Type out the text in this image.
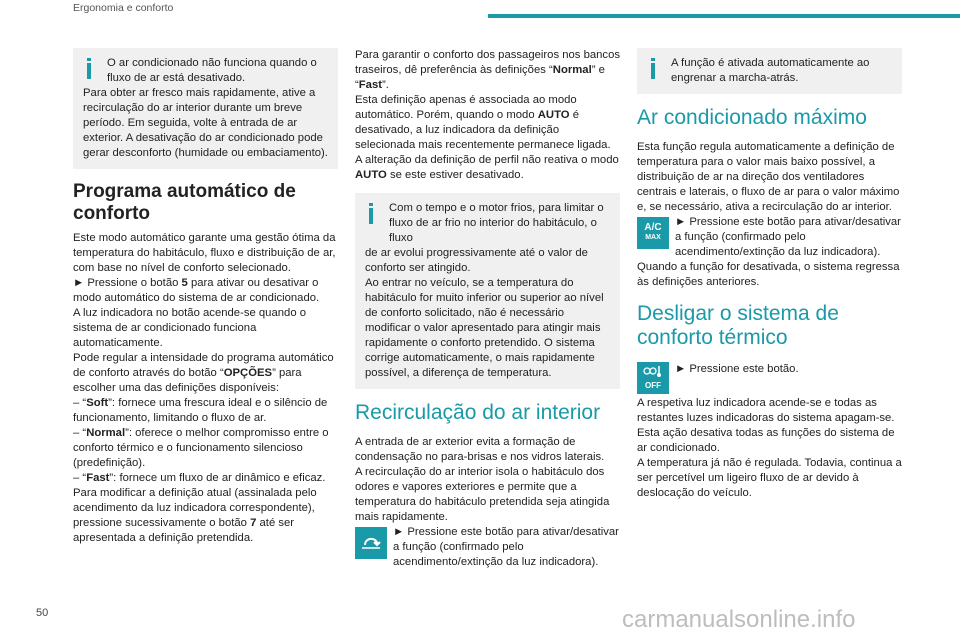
Ergonomia e conforto

O ar condicionado não funciona quando o

fluxo de ar está desativado.

Para obter ar fresco mais rapidamente, ative a recirculação do ar interior durante um breve período. Em seguida, volte à entrada de ar exterior. A desativação do ar condicionado pode gerar desconforto (humidade ou embaciamento).

Programa automático de conforto

Este modo automático garante uma gestão ótima da temperatura do habitáculo, fluxo e distribuição de ar, com base no nível de conforto selecionado.

► Pressione o botão 5 para ativar ou desativar o modo automático do sistema de ar condicionado.

A luz indicadora no botão acende-se quando o sistema de ar condicionado funciona automaticamente.

Pode regular a intensidade do programa automático de conforto através do botão “OPÇÕES” para escolher uma das definições disponíveis:

– “Soft”: fornece uma frescura ideal e o silêncio de funcionamento, limitando o fluxo de ar.

– “Normal”: oferece o melhor compromisso entre o conforto térmico e o funcionamento silencioso (predefinição).

– “Fast”: fornece um fluxo de ar dinâmico e eficaz.

Para modificar a definição atual (assinalada pelo acendimento da luz indicadora correspondente), pressione sucessivamente o botão 7 até ser apresentada a definição pretendida.

Para garantir o conforto dos passageiros nos bancos traseiros, dê preferência às definições “Normal” e “Fast”.

Esta definição apenas é associada ao modo automático. Porém, quando o modo AUTO é desativado, a luz indicadora da definição selecionada mais recentemente permanece ligada.

A alteração da definição de perfil não reativa o modo AUTO se este estiver desativado.

Com o tempo e o motor frios, para limitar o

fluxo de ar frio no interior do habitáculo, o fluxo

de ar evolui progressivamente até o valor de conforto ser atingido.

Ao entrar no veículo, se a temperatura do habitáculo for muito inferior ou superior ao nível de conforto solicitado, não é necessário modificar o valor apresentado para atingir mais rapidamente o conforto pretendido. O sistema corrige automaticamente, o mais rapidamente possível, a diferença de temperatura.

Recirculação do ar interior

A entrada de ar exterior evita a formação de condensação no para-brisas e nos vidros laterais.

A recirculação do ar interior isola o habitáculo dos odores e vapores exteriores e permite que a temperatura do habitáculo pretendida seja atingida mais rapidamente.

► Pressione este botão para ativar/desativar a função (confirmado pelo acendimento/extinção da luz indicadora).

A função é ativada automaticamente ao

engrenar a marcha-atrás.

Ar condicionado máximo

Esta função regula automaticamente a definição de temperatura para o valor mais baixo possível, a distribuição de ar na direção dos ventiladores centrais e laterais, o fluxo de ar para o valor máximo e, se necessário, ativa a recirculação do ar interior.

A/C
MAX

► Pressione este botão para ativar/desativar a função (confirmado pelo acendimento/extinção da luz indicadora).

Quando a função for desativada, o sistema regressa às definições anteriores.

Desligar o sistema de conforto térmico
OFF

► Pressione este botão.

A respetiva luz indicadora acende-se e todas as restantes luzes indicadoras do sistema apagam-se.

Esta ação desativa todas as funções do sistema de ar condicionado.

A temperatura já não é regulada. Todavia, continua a ser percetível um ligeiro fluxo de ar devido à deslocação do veículo.

50	carmanualsonline.info
